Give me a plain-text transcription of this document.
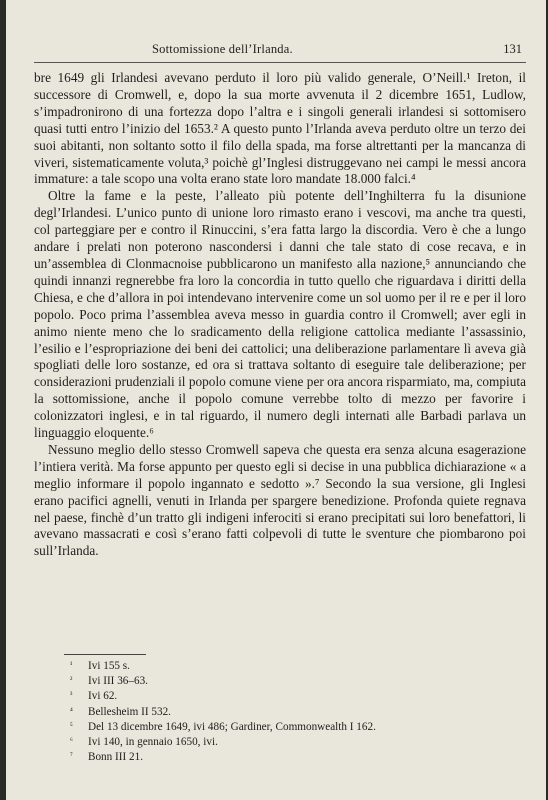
Sottomissione dell’Irlanda.	131

bre 1649 gli Irlandesi avevano perduto il loro più valido generale, O’Neill.¹ Ireton, il successore di Cromwell, e, dopo la sua morte avvenuta il 2 dicembre 1651, Ludlow, s’impadronirono di una fortezza dopo l’altra e i singoli generali irlandesi si sottomisero quasi tutti entro l’inizio del 1653.² A questo punto l’Irlanda aveva perduto oltre un terzo dei suoi abitanti, non soltanto sotto il filo della spada, ma forse altrettanti per la mancanza di viveri, sistematicamente voluta,³ poichè gl’Inglesi distruggevano nei campi le messi ancora immature: a tale scopo una volta erano state loro mandate 18.000 falci.⁴

Oltre la fame e la peste, l’alleato più potente dell’Inghilterra fu la disunione degl’Irlandesi. L’unico punto di unione loro rimasto erano i vescovi, ma anche tra questi, col parteggiare per e contro il Rinuccini, s’era fatta largo la discordia. Vero è che a lungo andare i prelati non poterono nascondersi i danni che tale stato di cose recava, e in un’assemblea di Clonmacnoise pubblicarono un manifesto alla nazione,⁵ annunciando che quindi innanzi regnerebbe fra loro la concordia in tutto quello che riguardava i diritti della Chiesa, e che d’allora in poi intendevano intervenire come un sol uomo per il re e per il loro popolo. Poco prima l’assemblea aveva messo in guardia contro il Cromwell; aver egli in animo niente meno che lo sradicamento della religione cattolica mediante l’assassinio, l’esilio e l’espropriazione dei beni dei cattolici; una deliberazione parlamentare lì aveva già spogliati delle loro sostanze, ed ora si trattava soltanto di eseguire tale deliberazione; per considerazioni prudenziali il popolo comune viene per ora ancora risparmiato, ma, compiuta la sottomissione, anche il popolo comune verrebbe tolto di mezzo per favorire i colonizzatori inglesi, e in tal riguardo, il numero degli internati alle Barbadi parlava un linguaggio eloquente.⁶

Nessuno meglio dello stesso Cromwell sapeva che questa era senza alcuna esagerazione l’intiera verità. Ma forse appunto per questo egli si decise in una pubblica dichiarazione « a meglio informare il popolo ingannato e sedotto ».⁷ Secondo la sua versione, gli Inglesi erano pacifici agnelli, venuti in Irlanda per spargere benedizione. Profonda quiete regnava nel paese, finchè d’un tratto gli indigeni inferociti si erano precipitati sui loro benefattori, li avevano massacrati e così s’erano fatti colpevoli di tutte le sventure che piombarono poi sull’Irlanda.

¹ Ivi 155 s.
² Ivi III 36–63.
³ Ivi 62.
⁴ Bellesheim II 532.
⁵ Del 13 dicembre 1649, ivi 486; Gardiner, Commonwealth I 162.
⁶ Ivi 140, in gennaio 1650, ivi.
⁷ Bonn III 21.
